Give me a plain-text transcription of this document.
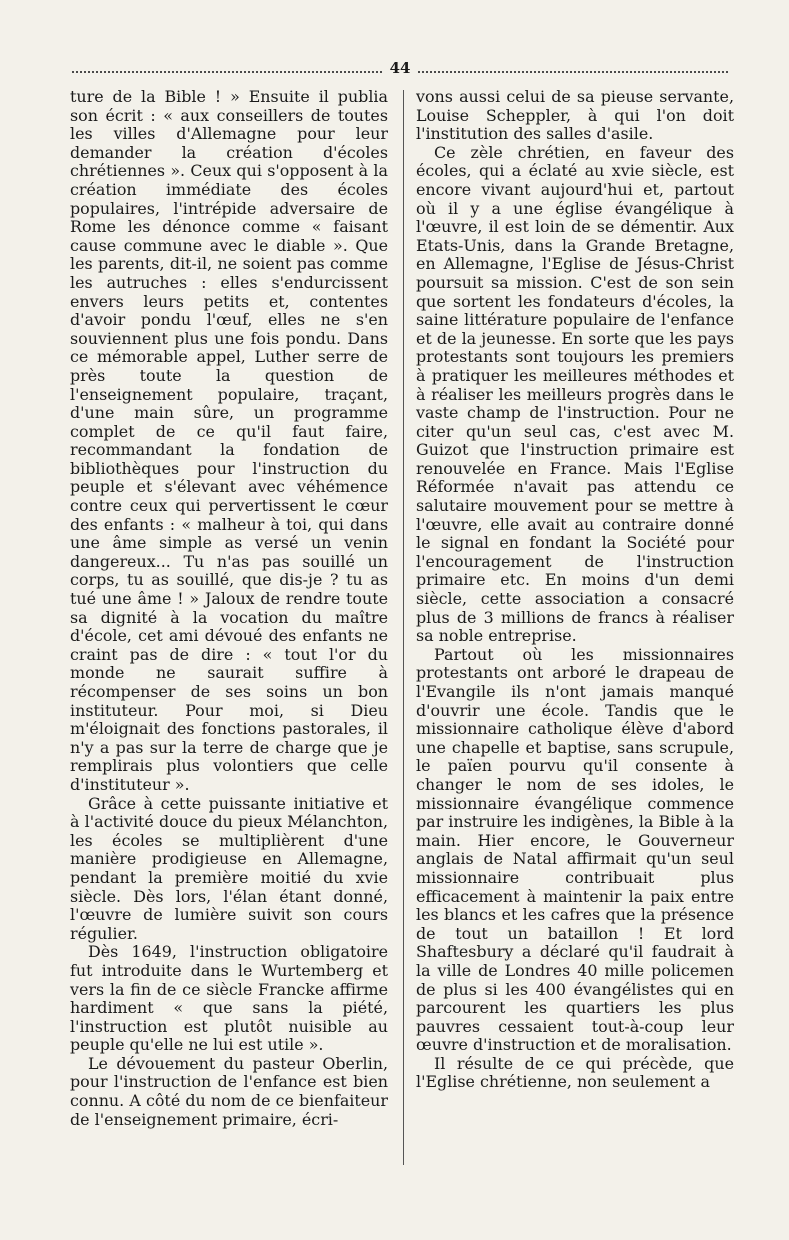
44

ture de la Bible ! » Ensuite il publia son écrit : « aux conseillers de toutes les villes d'Allemagne pour leur demander la création d'écoles chrétiennes ». Ceux qui s'opposent à la création immédiate des écoles populaires, l'intrépide adversaire de Rome les dénonce comme « faisant cause commune avec le diable ». Que les parents, dit-il, ne soient pas comme les autruches : elles s'endurcissent envers leurs petits et, contentes d'avoir pondu l'œuf, elles ne s'en souviennent plus une fois pondu. Dans ce mémorable appel, Luther serre de près toute la question de l'enseignement populaire, traçant, d'une main sûre, un programme complet de ce qu'il faut faire, recommandant la fondation de bibliothèques pour l'instruction du peuple et s'élevant avec véhémence contre ceux qui pervertissent le cœur des enfants : « malheur à toi, qui dans une âme simple as versé un venin dangereux... Tu n'as pas souillé un corps, tu as souillé, que dis-je ? tu as tué une âme ! » Jaloux de rendre toute sa dignité à la vocation du maître d'école, cet ami dévoué des enfants ne craint pas de dire : « tout l'or du monde ne saurait suffire à récompenser de ses soins un bon instituteur. Pour moi, si Dieu m'éloignait des fonctions pastorales, il n'y a pas sur la terre de charge que je remplirais plus volontiers que celle d'instituteur ».

Grâce à cette puissante initiative et à l'activité douce du pieux Mélanchton, les écoles se multiplièrent d'une manière prodigieuse en Allemagne, pendant la première moitié du xvie siècle. Dès lors, l'élan étant donné, l'œuvre de lumière suivit son cours régulier.

Dès 1649, l'instruction obligatoire fut introduite dans le Wurtemberg et vers la fin de ce siècle Francke affirme hardiment « que sans la piété, l'instruction est plutôt nuisible au peuple qu'elle ne lui est utile ».

Le dévouement du pasteur Oberlin, pour l'instruction de l'enfance est bien connu. A côté du nom de ce bienfaiteur de l'enseignement primaire, écri-

vons aussi celui de sa pieuse servante, Louise Scheppler, à qui l'on doit l'institution des salles d'asile.

Ce zèle chrétien, en faveur des écoles, qui a éclaté au xvie siècle, est encore vivant aujourd'hui et, partout où il y a une église évangélique à l'œuvre, il est loin de se démentir. Aux Etats-Unis, dans la Grande Bretagne, en Allemagne, l'Eglise de Jésus-Christ poursuit sa mission. C'est de son sein que sortent les fondateurs d'écoles, la saine littérature populaire de l'enfance et de la jeunesse. En sorte que les pays protestants sont toujours les premiers à pratiquer les meilleures méthodes et à réaliser les meilleurs progrès dans le vaste champ de l'instruction. Pour ne citer qu'un seul cas, c'est avec M. Guizot que l'instruction primaire est renouvelée en France. Mais l'Eglise Réformée n'avait pas attendu ce salutaire mouvement pour se mettre à l'œuvre, elle avait au contraire donné le signal en fondant la Société pour l'encouragement de l'instruction primaire etc. En moins d'un demi siècle, cette association a consacré plus de 3 millions de francs à réaliser sa noble entreprise.

Partout où les missionnaires protestants ont arboré le drapeau de l'Evangile ils n'ont jamais manqué d'ouvrir une école. Tandis que le missionnaire catholique élève d'abord une chapelle et baptise, sans scrupule, le païen pourvu qu'il consente à changer le nom de ses idoles, le missionnaire évangélique commence par instruire les indigènes, la Bible à la main. Hier encore, le Gouverneur anglais de Natal affirmait qu'un seul missionnaire contribuait plus efficacement à maintenir la paix entre les blancs et les cafres que la présence de tout un bataillon ! Et lord Shaftesbury a déclaré qu'il faudrait à la ville de Londres 40 mille policemen de plus si les 400 évangélistes qui en parcourent les quartiers les plus pauvres cessaient tout-à-coup leur œuvre d'instruction et de moralisation.

Il résulte de ce qui précède, que l'Eglise chrétienne, non seulement a
